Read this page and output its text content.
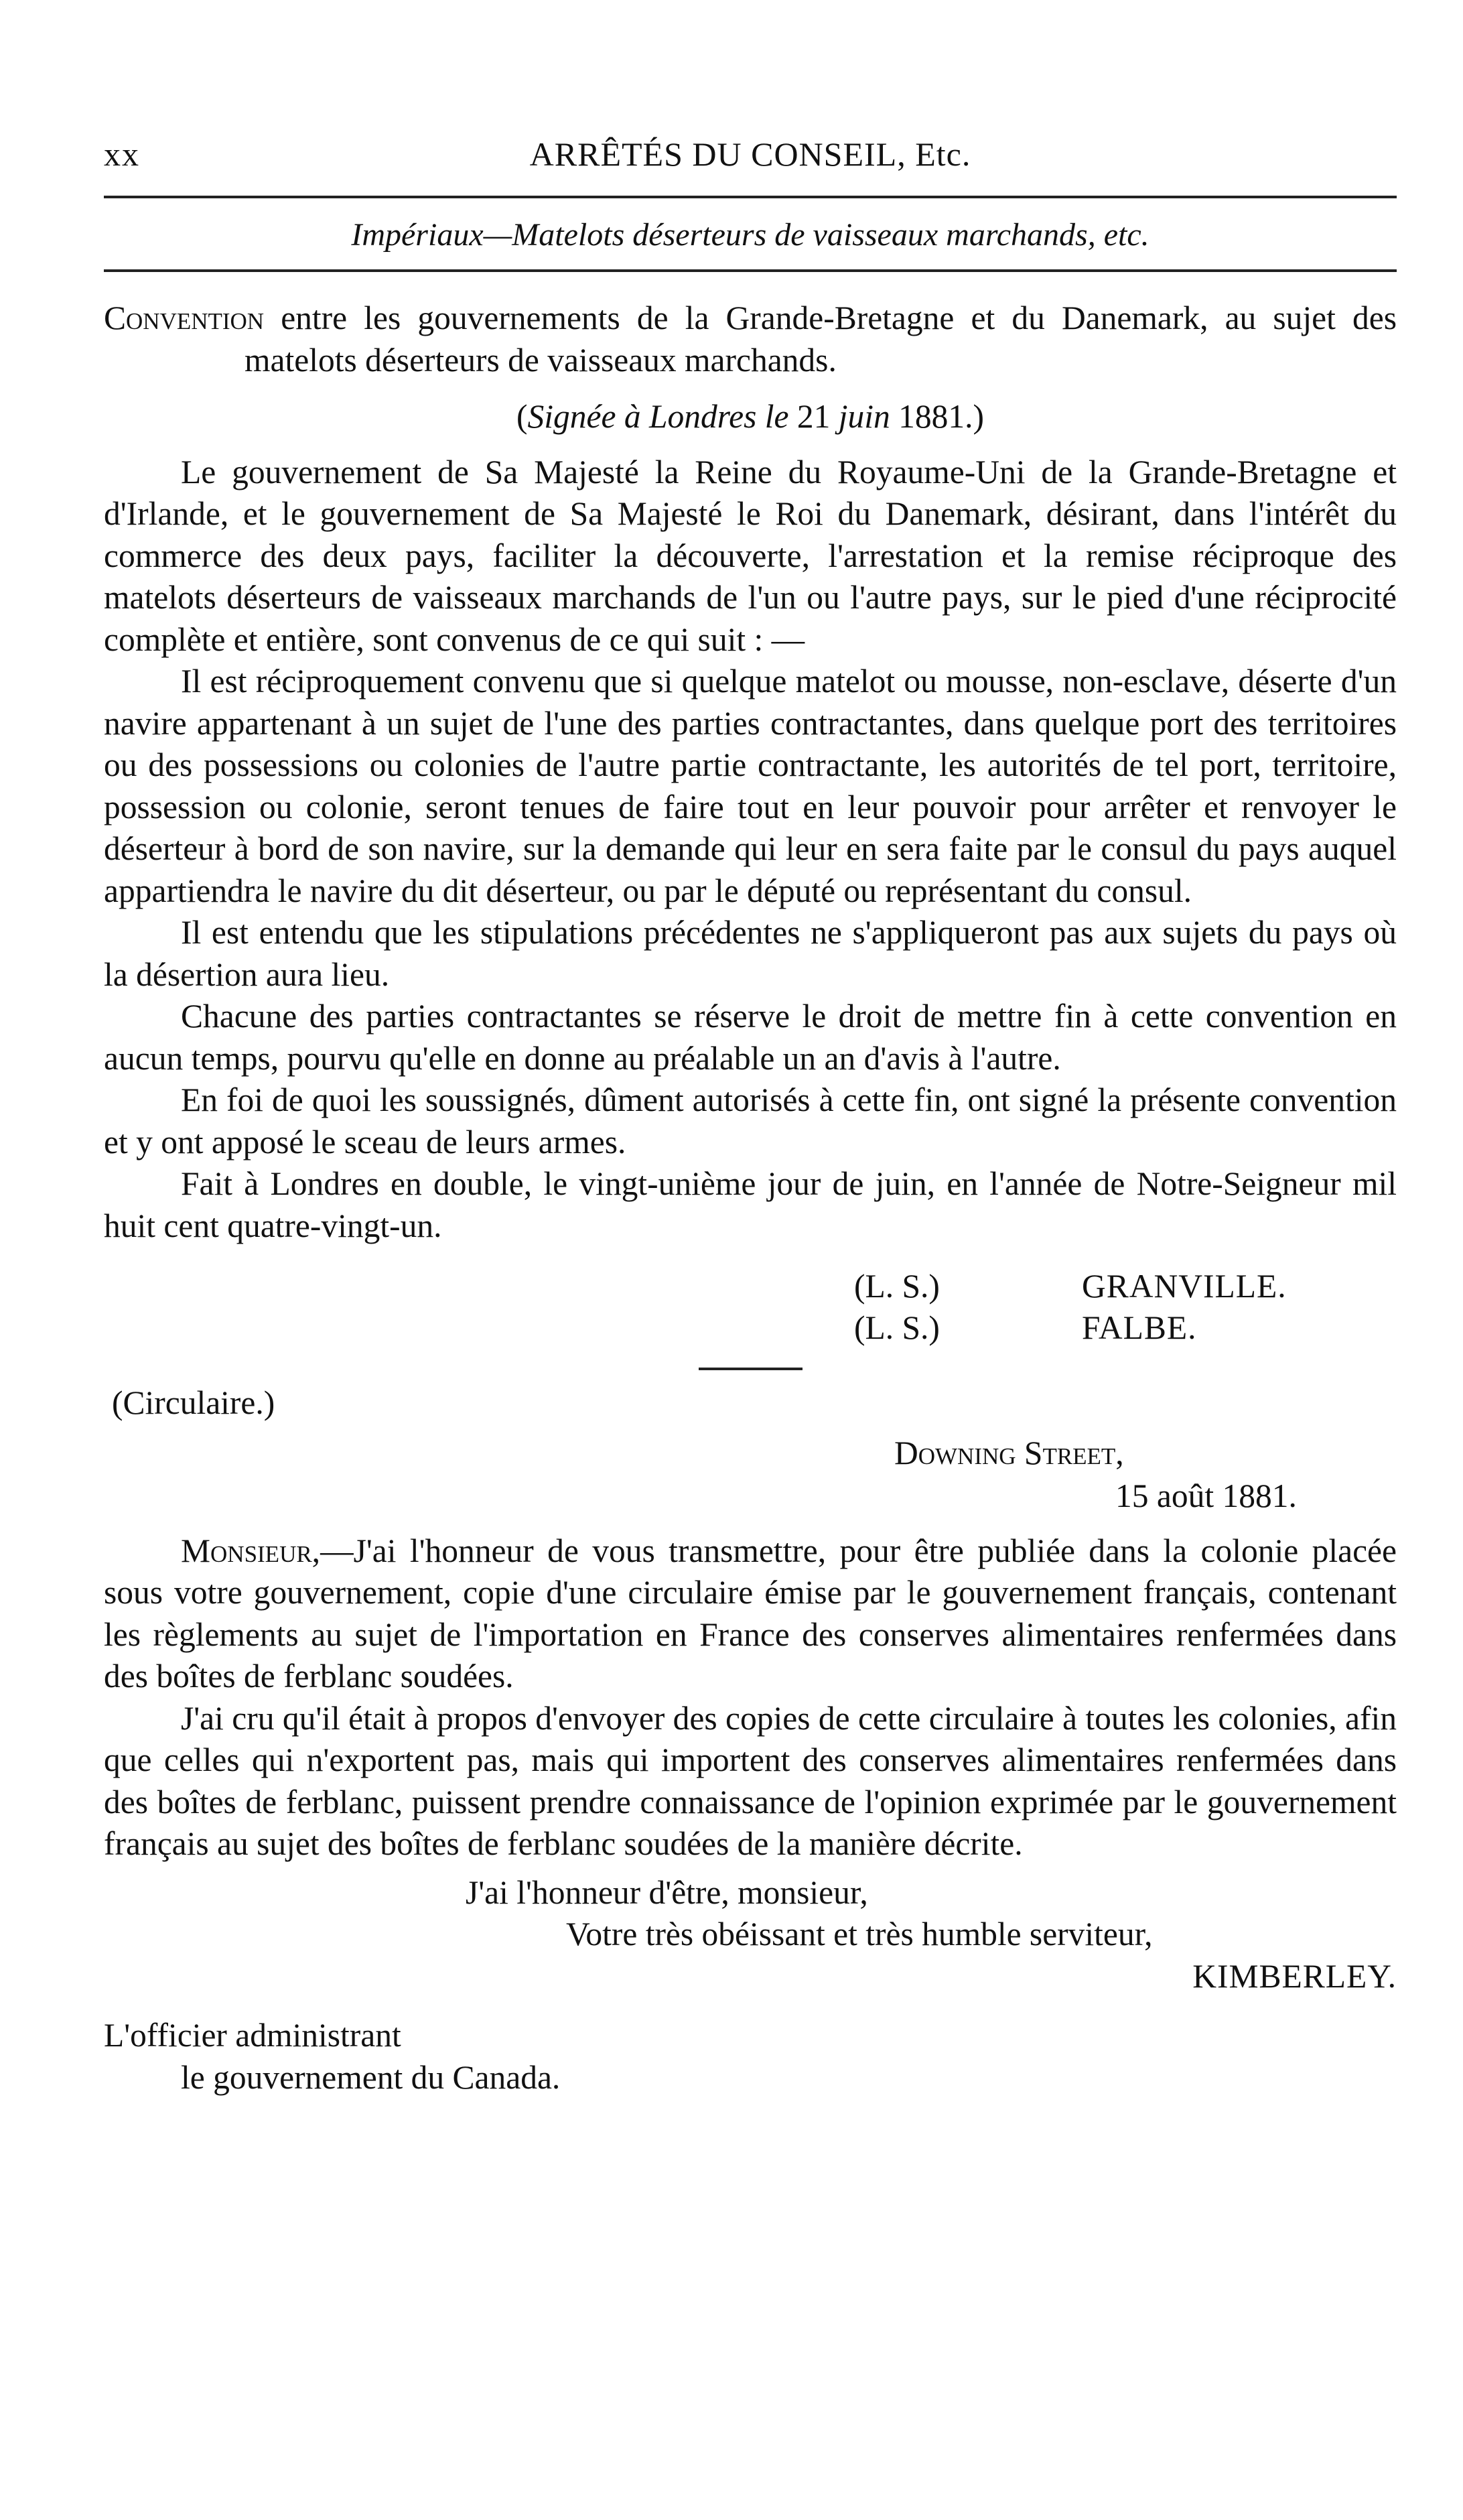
xx	ARRÊTÉS DU CONSEIL, Etc.
Impériaux—Matelots déserteurs de vaisseaux marchands, etc.

Convention entre les gouvernements de la Grande-Bretagne et du Danemark, au sujet des matelots déserteurs de vaisseaux marchands.

(Signée à Londres le 21 juin 1881.)

Le gouvernement de Sa Majesté la Reine du Royaume-Uni de la Grande-Bretagne et d'Irlande, et le gouvernement de Sa Majesté le Roi du Danemark, désirant, dans l'intérêt du commerce des deux pays, faciliter la découverte, l'arrestation et la remise réciproque des matelots déserteurs de vaisseaux marchands de l'un ou l'autre pays, sur le pied d'une réciprocité complète et entière, sont convenus de ce qui suit : —

Il est réciproquement convenu que si quelque matelot ou mousse, non-esclave, déserte d'un navire appartenant à un sujet de l'une des parties contractantes, dans quelque port des territoires ou des possessions ou colonies de l'autre partie contractante, les autorités de tel port, territoire, possession ou colonie, seront tenues de faire tout en leur pouvoir pour arrêter et renvoyer le déserteur à bord de son navire, sur la demande qui leur en sera faite par le consul du pays auquel appartiendra le navire du dit déserteur, ou par le député ou représentant du consul.

Il est entendu que les stipulations précédentes ne s'appliqueront pas aux sujets du pays où la désertion aura lieu.

Chacune des parties contractantes se réserve le droit de mettre fin à cette convention en aucun temps, pourvu qu'elle en donne au préalable un an d'avis à l'autre.

En foi de quoi les soussignés, dûment autorisés à cette fin, ont signé la présente convention et y ont apposé le sceau de leurs armes.

Fait à Londres en double, le vingt-unième jour de juin, en l'année de Notre-Seigneur mil huit cent quatre-vingt-un.

(L. S.)	GRANVILLE.
(L. S.)	FALBE.
(Circulaire.)
Downing Street,
15 août 1881.

Monsieur,—J'ai l'honneur de vous transmettre, pour être publiée dans la colonie placée sous votre gouvernement, copie d'une circulaire émise par le gouvernement français, contenant les règlements au sujet de l'importation en France des conserves alimentaires renfermées dans des boîtes de ferblanc soudées.

J'ai cru qu'il était à propos d'envoyer des copies de cette circulaire à toutes les colonies, afin que celles qui n'exportent pas, mais qui importent des conserves alimentaires renfermées dans des boîtes de ferblanc, puissent prendre connaissance de l'opinion exprimée par le gouvernement français au sujet des boîtes de ferblanc soudées de la manière décrite.

J'ai l'honneur d'être, monsieur,
Votre très obéissant et très humble serviteur,
KIMBERLEY.
L'officier administrant
le gouvernement du Canada.
